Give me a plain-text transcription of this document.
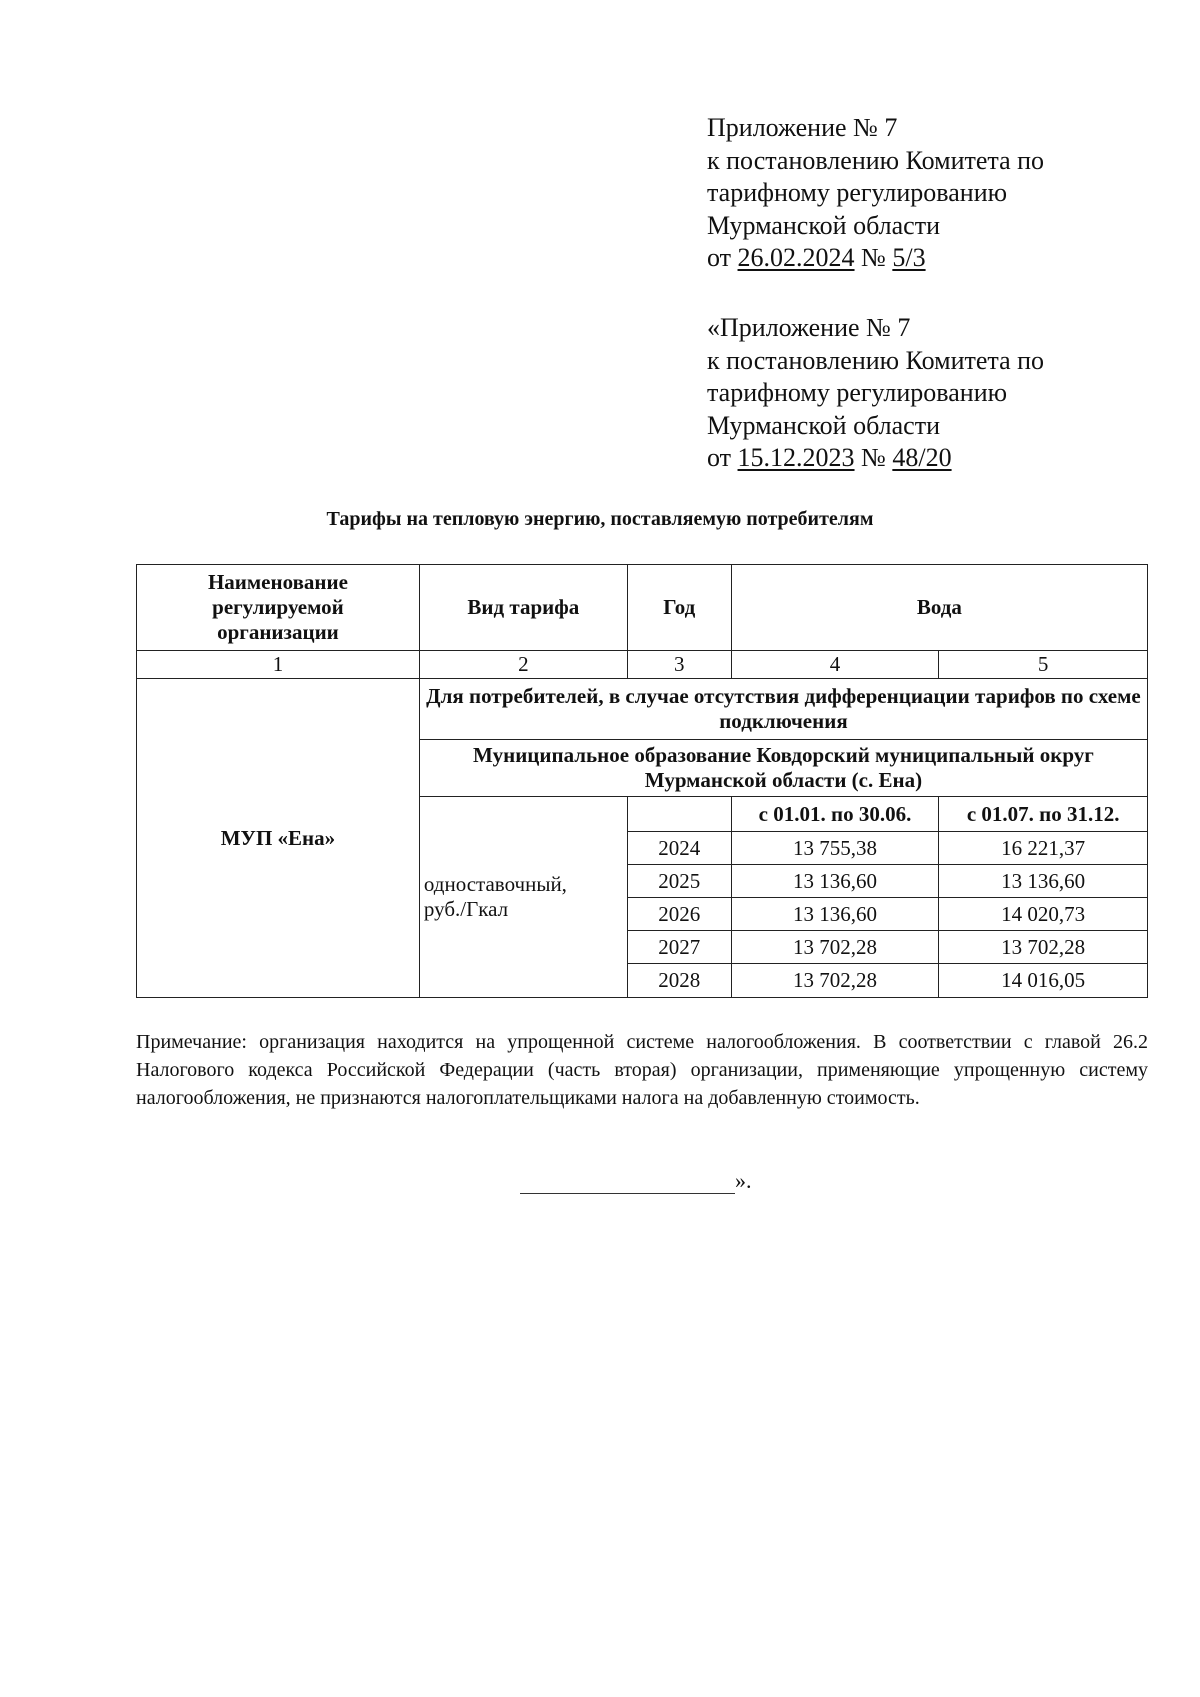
Приложение № 7
к постановлению Комитета по
тарифному регулированию
Мурманской области
от 26.02.2024 № 5/3
«Приложение № 7
к постановлению Комитета по
тарифному регулированию
Мурманской области
от 15.12.2023 № 48/20
Тарифы на тепловую энергию, поставляемую потребителям
Наименование регулируемой организации	Вид тарифа	Год	Вода	
1	2	3	4	5
МУП «Ена»	Для потребителей, в случае отсутствия дифференциации тарифов по схеме подключения			
	Муниципальное образование Ковдорский муниципальный округ Мурманской области (с. Ена)			
	одноставочный, руб./Гкал		с 01.01. по 30.06.	с 01.07. по 31.12.
		2024	13 755,38	16 221,37
		2025	13 136,60	13 136,60
		2026	13 136,60	14 020,73
		2027	13 702,28	13 702,28
		2028	13 702,28	14 016,05
Примечание: организация находится на упрощенной системе налогообложения. В соответствии с главой 26.2 Налогового кодекса Российской Федерации (часть вторая) организации, применяющие упрощенную систему налогообложения, не признаются налогоплательщиками налога на добавленную стоимость.
».
